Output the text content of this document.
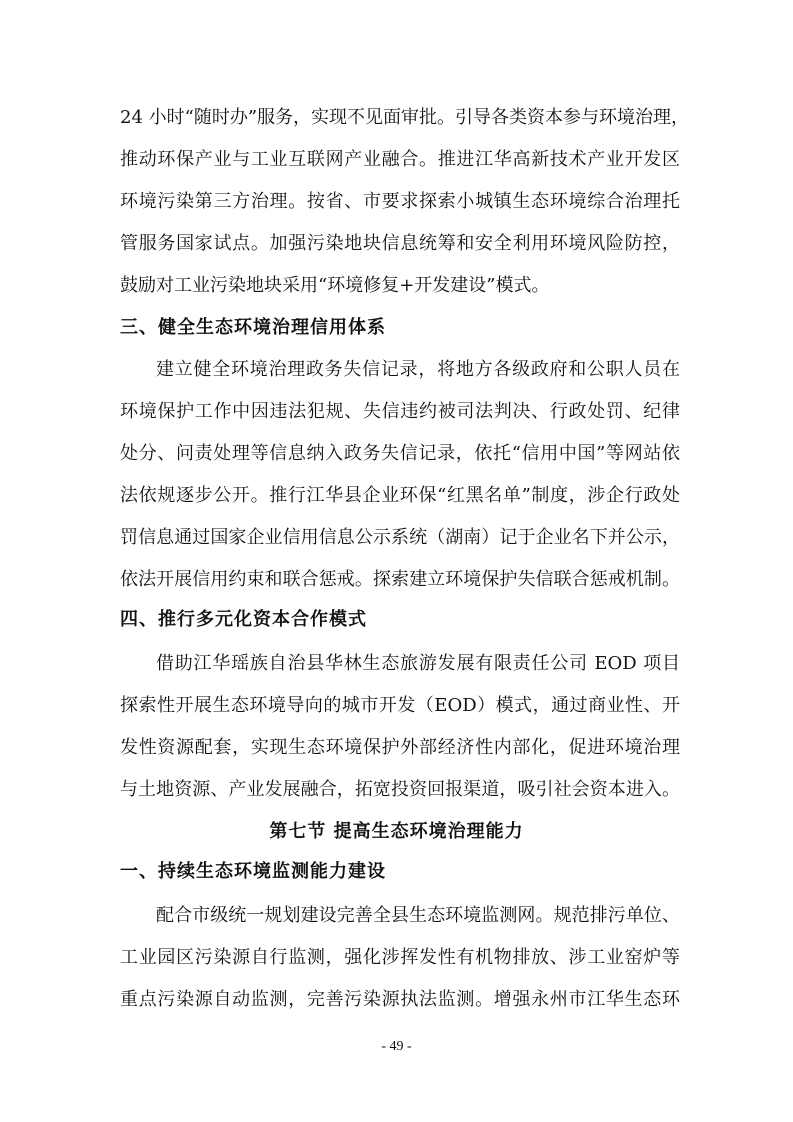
24 小时“随时办”服务，实现不见面审批。引导各类资本参与环境治理，
推动环保产业与工业互联网产业融合。推进江华高新技术产业开发区
环境污染第三方治理。按省、市要求探索小城镇生态环境综合治理托
管服务国家试点。加强污染地块信息统筹和安全利用环境风险防控，
鼓励对工业污染地块采用“环境修复+开发建设”模式。
三、健全生态环境治理信用体系
建立健全环境治理政务失信记录，将地方各级政府和公职人员在
环境保护工作中因违法犯规、失信违约被司法判决、行政处罚、纪律
处分、问责处理等信息纳入政务失信记录，依托“信用中国”等网站依
法依规逐步公开。推行江华县企业环保“红黑名单”制度，涉企行政处
罚信息通过国家企业信用信息公示系统（湖南）记于企业名下并公示，
依法开展信用约束和联合惩戒。探索建立环境保护失信联合惩戒机制。
四、推行多元化资本合作模式
借助江华瑶族自治县华林生态旅游发展有限责任公司 EOD 项目
探索性开展生态环境导向的城市开发（EOD）模式，通过商业性、开
发性资源配套，实现生态环境保护外部经济性内部化，促进环境治理
与土地资源、产业发展融合，拓宽投资回报渠道，吸引社会资本进入。
第七节 提高生态环境治理能力
一、持续生态环境监测能力建设
配合市级统一规划建设完善全县生态环境监测网。规范排污单位、
工业园区污染源自行监测，强化涉挥发性有机物排放、涉工业窑炉等
重点污染源自动监测，完善污染源执法监测。增强永州市江华生态环
- 49 -
